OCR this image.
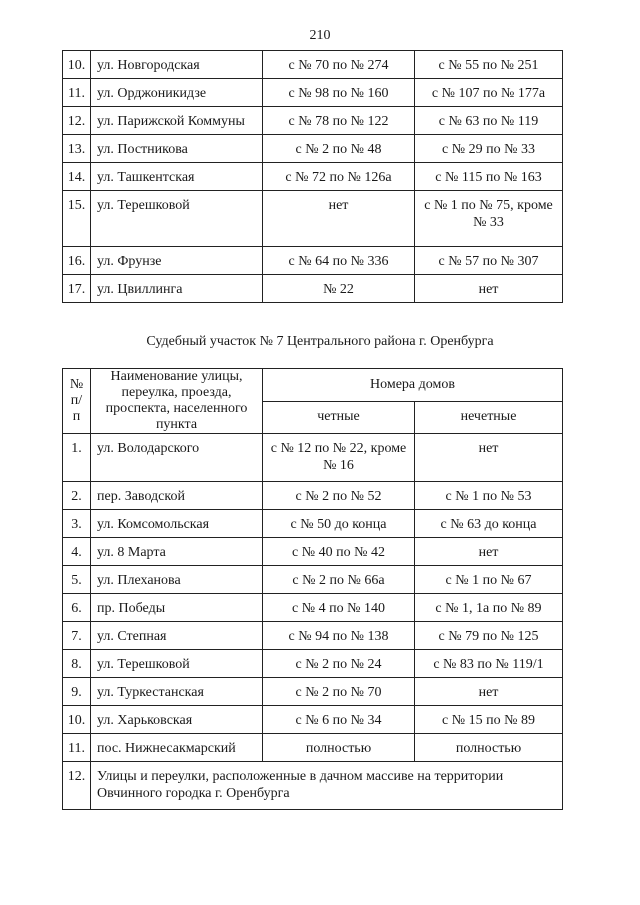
210
10.	ул. Новгородская	с № 70 по № 274	с № 55 по № 251
11.	ул. Орджоникидзе	с № 98 по № 160	с № 107 по № 177а
12.	ул. Парижской Коммуны	с № 78 по № 122	с № 63 по № 119
13.	ул. Постникова	с № 2 по № 48	с № 29 по № 33
14.	ул. Ташкентская	с № 72 по № 126а	с № 115 по № 163
15.	ул. Терешковой	нет	с № 1 по № 75, кроме № 33
16.	ул. Фрунзе	с № 64 по № 336	с № 57 по № 307
17.	ул. Цвиллинга	№ 22	нет
Судебный участок № 7 Центрального района г. Оренбурга
№ п/п	Наименование улицы, переулка, проезда, проспекта, населенного пункта	Номера домов	
		четные	нечетные
1.	ул. Володарского	с № 12 по № 22, кроме № 16	нет
2.	пер. Заводской	с № 2 по № 52	с № 1 по № 53
3.	ул. Комсомольская	с № 50 до конца	с № 63 до конца
4.	ул. 8 Марта	с № 40 по № 42	нет
5.	ул. Плеханова	с № 2 по № 66а	с № 1 по № 67
6.	пр. Победы	с № 4 по № 140	с № 1, 1а по № 89
7.	ул. Степная	с № 94 по № 138	с № 79 по № 125
8.	ул. Терешковой	с № 2 по № 24	с № 83 по № 119/1
9.	ул. Туркестанская	с № 2 по № 70	нет
10.	ул. Харьковская	с № 6 по № 34	с № 15 по № 89
11.	пос. Нижнесакмарский	полностью	полностью
12.	Улицы и переулки, расположенные в дачном массиве на территории Овчинного городка г. Оренбурга		
